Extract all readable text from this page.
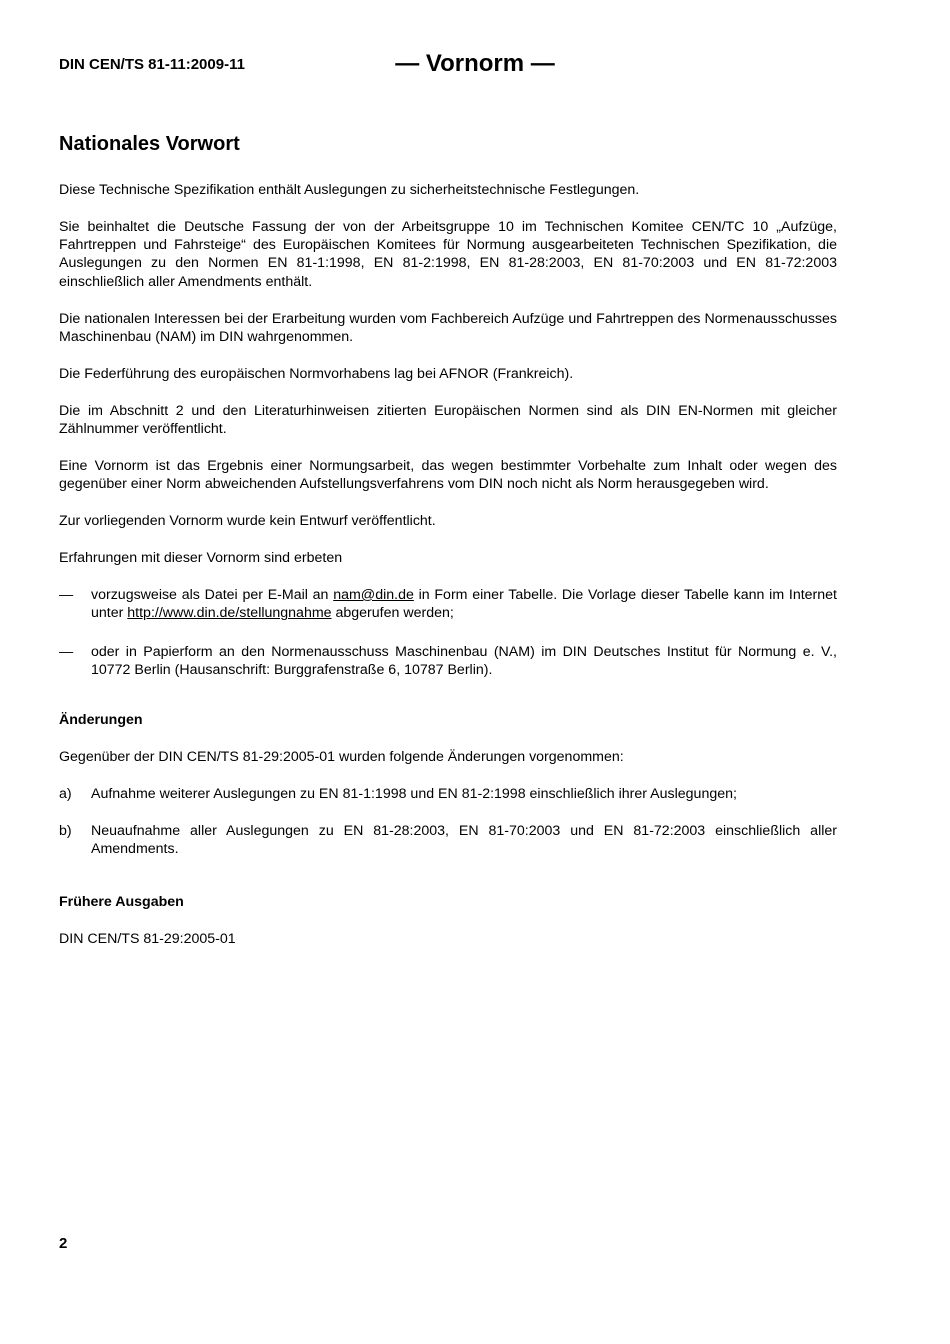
DIN CEN/TS 81-11:2009-11	— Vornorm —
Nationales Vorwort

Diese Technische Spezifikation enthält Auslegungen zu sicherheitstechnische Festlegungen.

Sie beinhaltet die Deutsche Fassung der von der Arbeitsgruppe 10 im Technischen Komitee CEN/TC 10 „Aufzüge, Fahrtreppen und Fahrsteige“ des Europäischen Komitees für Normung ausgearbeiteten Technischen Spezifikation, die Auslegungen zu den Normen EN 81-1:1998, EN 81-2:1998, EN 81-28:2003, EN 81-70:2003 und EN 81-72:2003 einschließlich aller Amendments enthält.

Die nationalen Interessen bei der Erarbeitung wurden vom Fachbereich Aufzüge und Fahrtreppen des Normenausschusses Maschinenbau (NAM) im DIN wahrgenommen.

Die Federführung des europäischen Normvorhabens lag bei AFNOR (Frankreich).

Die im Abschnitt 2 und den Literaturhinweisen zitierten Europäischen Normen sind als DIN EN-Normen mit gleicher Zählnummer veröffentlicht.

Eine Vornorm ist das Ergebnis einer Normungsarbeit, das wegen bestimmter Vorbehalte zum Inhalt oder wegen des gegenüber einer Norm abweichenden Aufstellungsverfahrens vom DIN noch nicht als Norm herausgegeben wird.

Zur vorliegenden Vornorm wurde kein Entwurf veröffentlicht.

Erfahrungen mit dieser Vornorm sind erbeten

—	vorzugsweise als Datei per E-Mail an nam@din.de in Form einer Tabelle. Die Vorlage dieser Tabelle kann im Internet unter http://www.din.de/stellungnahme abgerufen werden;
—	oder in Papierform an den Normenausschuss Maschinenbau (NAM) im DIN Deutsches Institut für Normung e. V., 10772 Berlin (Hausanschrift: Burggrafenstraße 6, 10787 Berlin).
Änderungen

Gegenüber der DIN CEN/TS 81-29:2005-01 wurden folgende Änderungen vorgenommen:

a)	Aufnahme weiterer Auslegungen zu EN 81-1:1998 und EN 81-2:1998 einschließlich ihrer Auslegungen;
b)	Neuaufnahme aller Auslegungen zu EN 81-28:2003, EN 81-70:2003 und EN 81-72:2003 einschließlich aller Amendments.
Frühere Ausgaben

DIN CEN/TS 81-29:2005-01

2
